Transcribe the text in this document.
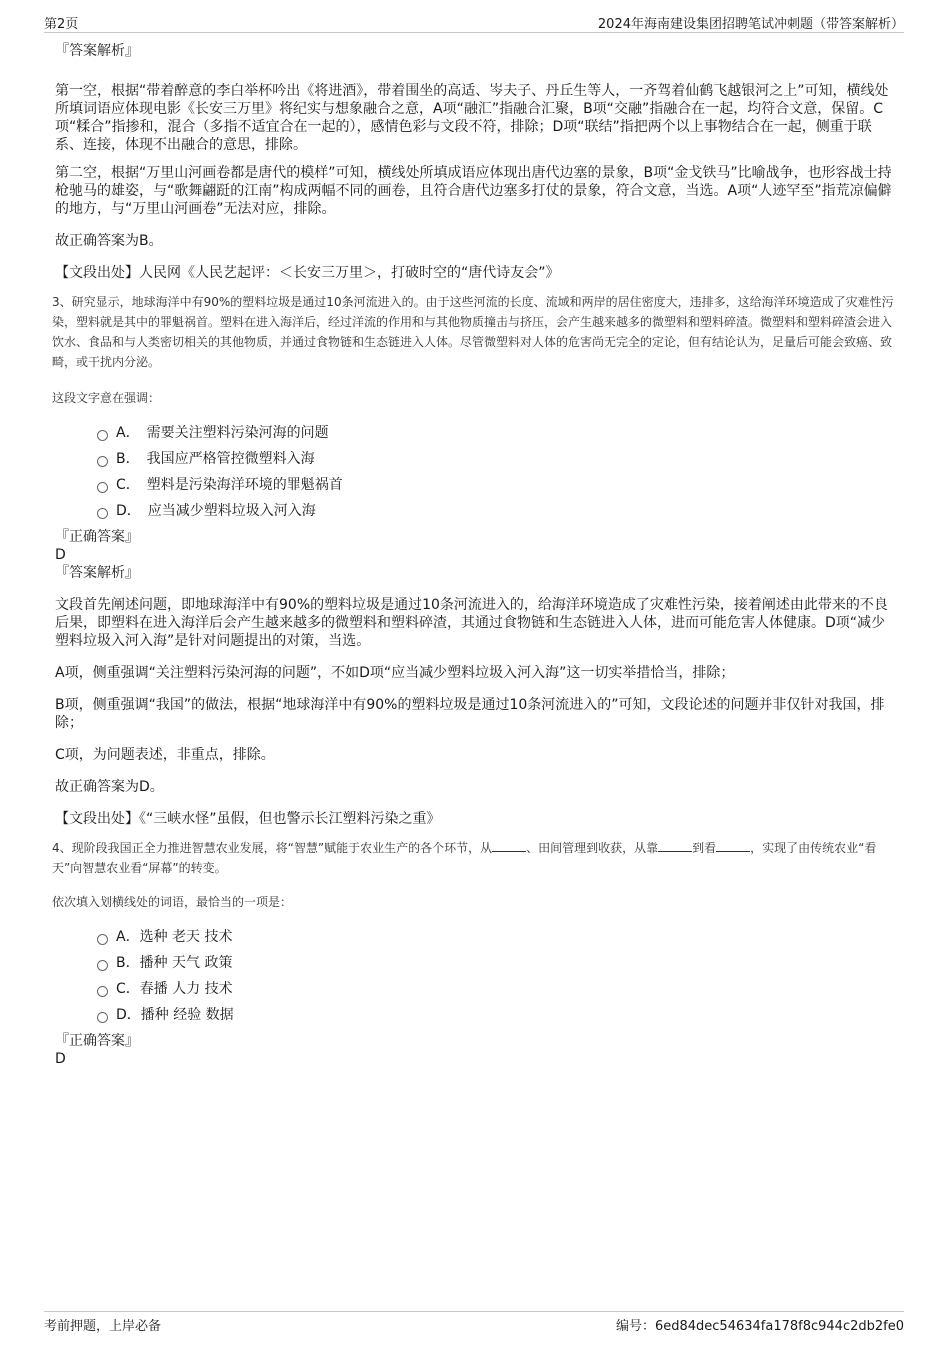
第2页	2024年海南建设集团招聘笔试冲刺题（带答案解析）

『答案解析』

第一空，根据“带着醉意的李白举杯吟出《将进酒》，带着围坐的高适、岑夫子、丹丘生等人，一齐驾着仙鹤飞越银河之上”可知，横线处所填词语应体现电影《长安三万里》将纪实与想象融合之意，A项“融汇”指融合汇聚，B项“交融”指融合在一起，均符合文意，保留。C项“糅合”指掺和，混合（多指不适宜合在一起的），感情色彩与文段不符，排除；D项“联结”指把两个以上事物结合在一起，侧重于联系、连接，体现不出融合的意思，排除。

第二空，根据“万里山河画卷都是唐代的模样”可知，横线处所填成语应体现出唐代边塞的景象，B项“金戈铁马”比喻战争，也形容战士持枪驰马的雄姿，与“歌舞翩跹的江南”构成两幅不同的画卷，且符合唐代边塞多打仗的景象，符合文意，当选。A项“人迹罕至”指荒凉偏僻的地方，与“万里山河画卷”无法对应，排除。

故正确答案为B。

【文段出处】人民网《人民艺起评：＜长安三万里＞，打破时空的“唐代诗友会”》

3、研究显示，地球海洋中有90%的塑料垃圾是通过10条河流进入的。由于这些河流的长度、流域和两岸的居住密度大，违排多，这给海洋环境造成了灾难性污染，塑料就是其中的罪魁祸首。塑料在进入海洋后，经过洋流的作用和与其他物质撞击与挤压，会产生越来越多的微塑料和塑料碎渣。微塑料和塑料碎渣会进入饮水、食品和与人类密切相关的其他物质，并通过食物链和生态链进入人体。尽管微塑料对人体的危害尚无完全的定论，但有结论认为，足量后可能会致癌、致畸，或干扰内分泌。

这段文字意在强调：

A．　需要关注塑料污染河海的问题
B．　我国应严格管控微塑料入海
C．　塑料是污染海洋环境的罪魁祸首
D．　应当减少塑料垃圾入河入海

『正确答案』

D

『答案解析』

文段首先阐述问题，即地球海洋中有90%的塑料垃圾是通过10条河流进入的，给海洋环境造成了灾难性污染，接着阐述由此带来的不良后果，即塑料在进入海洋后会产生越来越多的微塑料和塑料碎渣，其通过食物链和生态链进入人体，进而可能危害人体健康。D项“减少塑料垃圾入河入海”是针对问题提出的对策，当选。

A项，侧重强调“关注塑料污染河海的问题”，不如D项“应当减少塑料垃圾入河入海”这一切实举措恰当，排除；

B项，侧重强调“我国”的做法，根据“地球海洋中有90%的塑料垃圾是通过10条河流进入的”可知，文段论述的问题并非仅针对我国，排除；

C项，为问题表述，非重点，排除。

故正确答案为D。

【文段出处】《“三峡水怪”虽假，但也警示长江塑料污染之重》

4、现阶段我国正全力推进智慧农业发展，将“智慧”赋能于农业生产的各个环节，从	、田间管理到收获，从靠	到看	，实现了由传统农业“看天”向智慧农业看“屏幕”的转变。

依次填入划横线处的词语，最恰当的一项是：

A．选种 老天 技术
B．播种 天气 政策
C．春播 人力 技术
D．播种 经验 数据

『正确答案』

D

考前押题，上岸必备	编号：6ed84dec54634fa178f8c944c2db2fe0
